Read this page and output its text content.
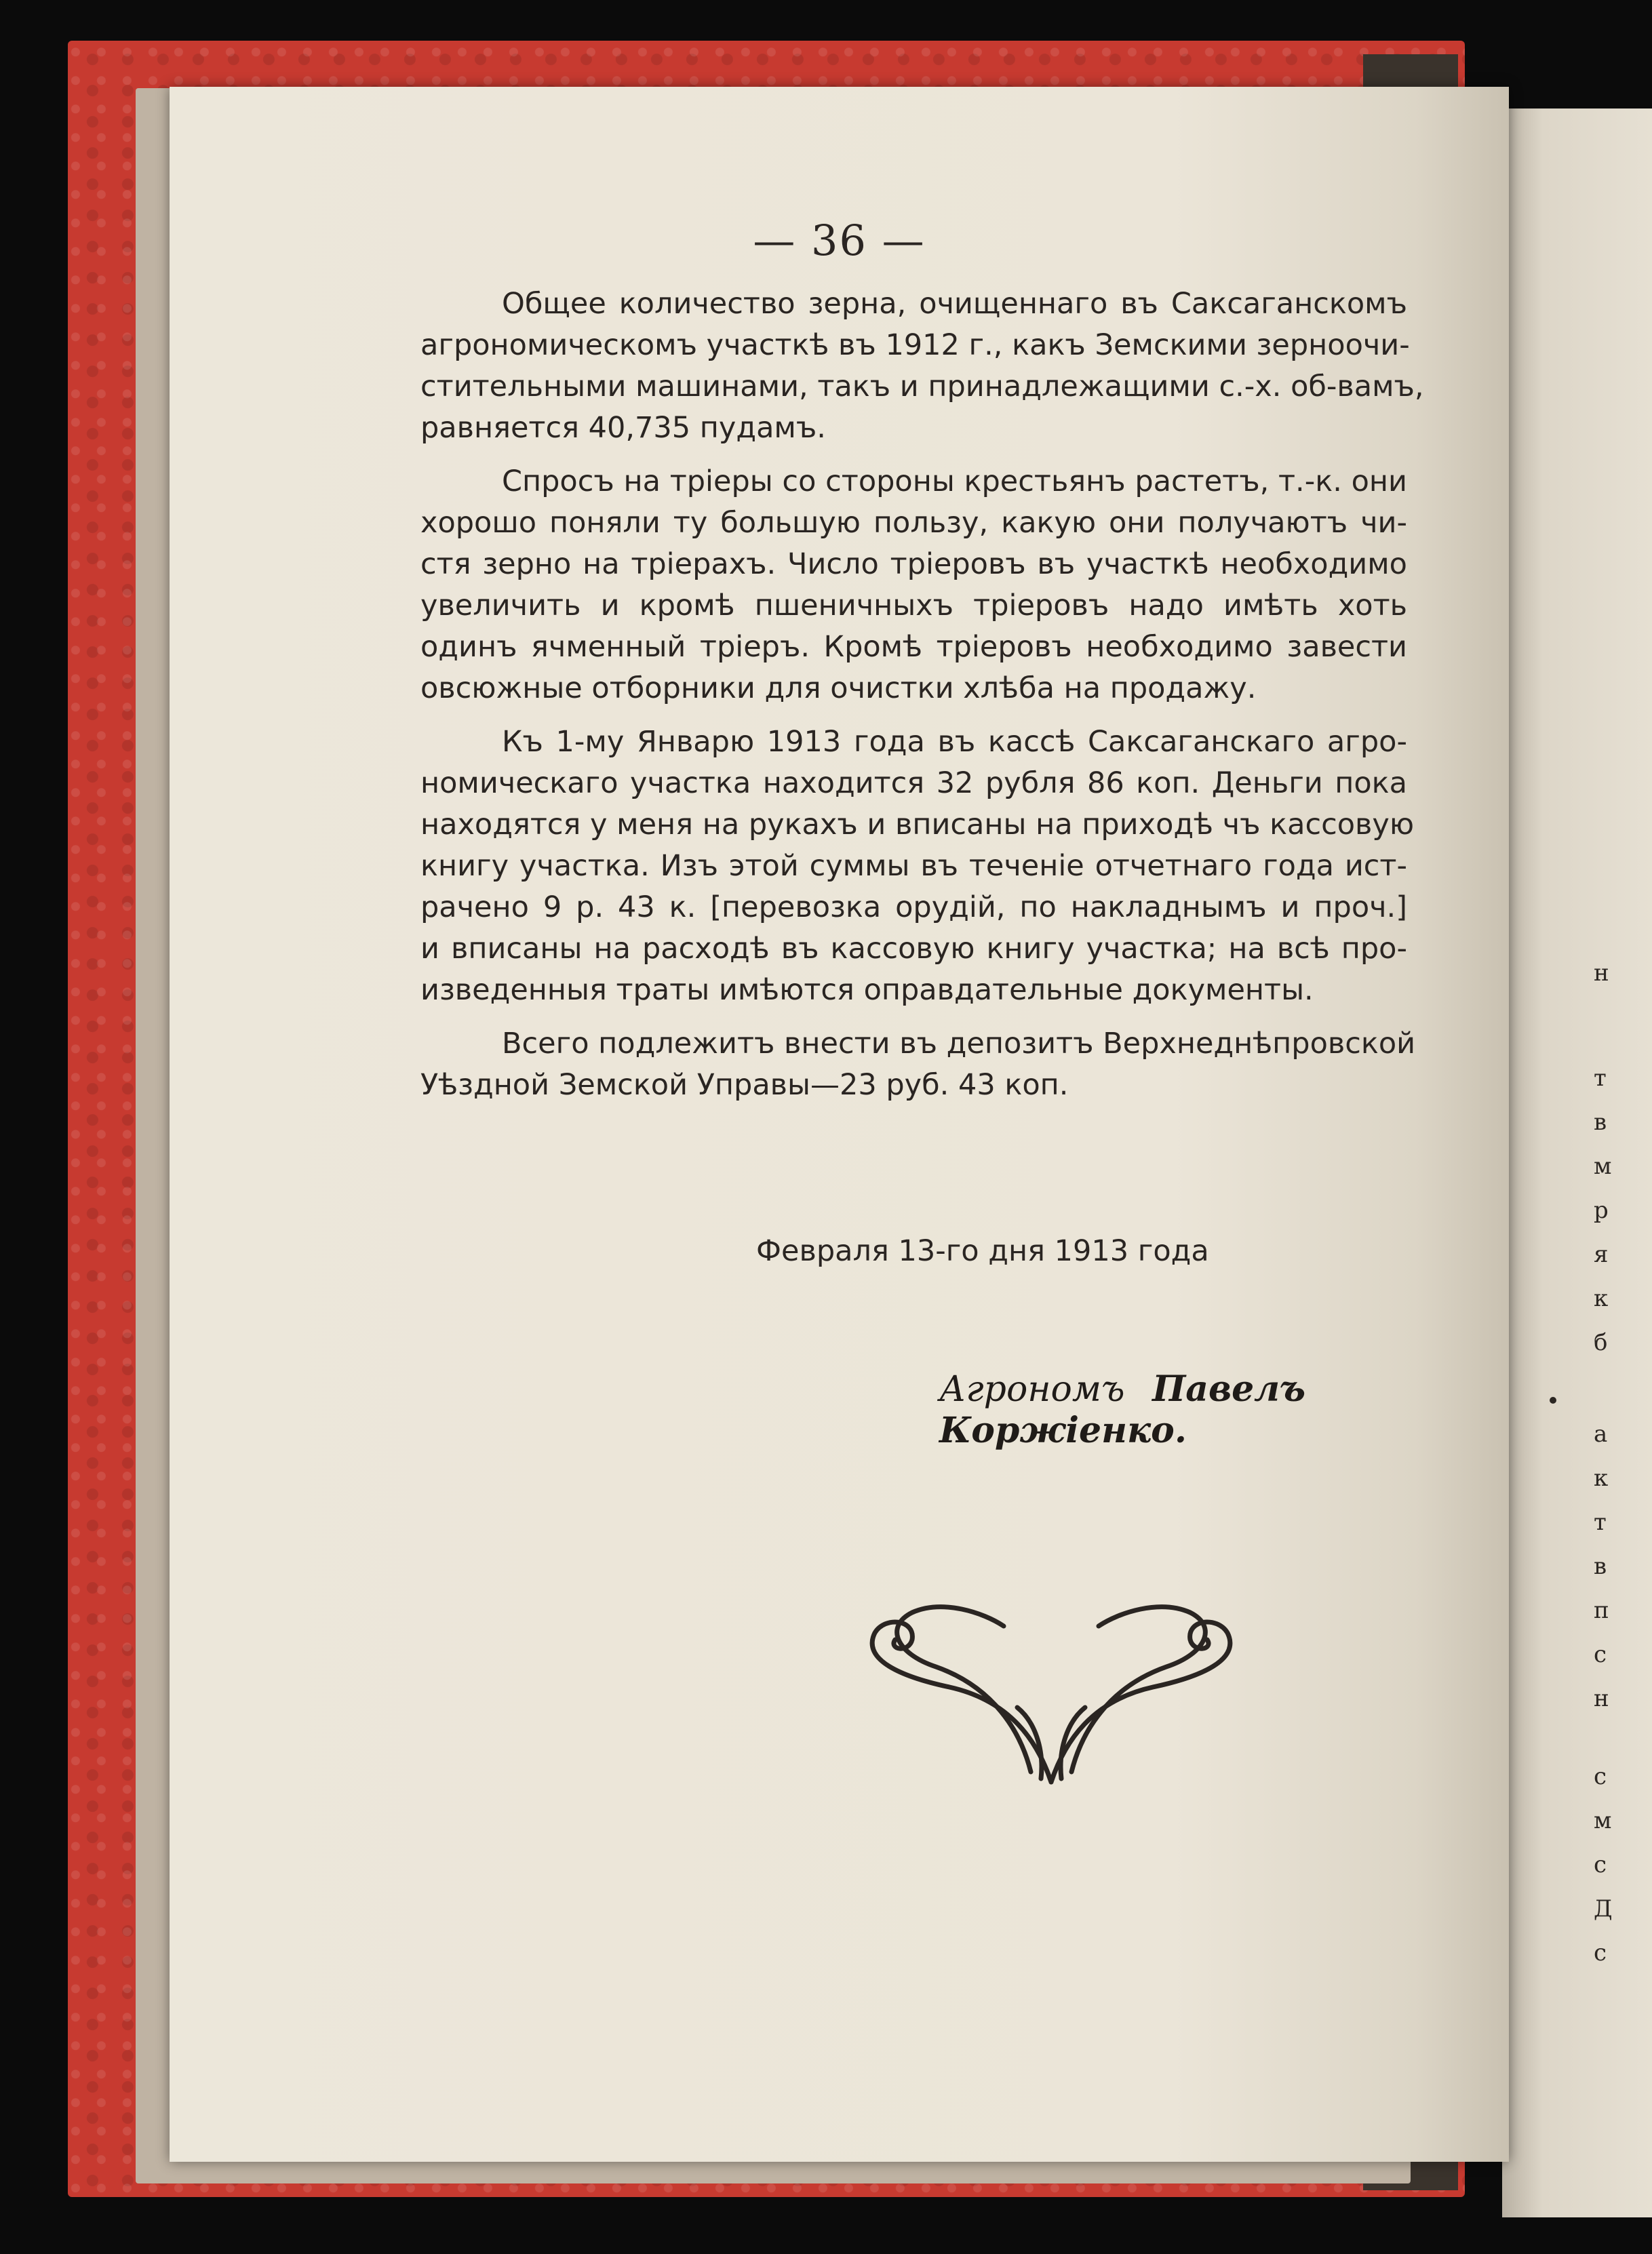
н
т
в
м
р
я
к
б
а
к
т
в
п
с
н
с
м
с
Д
с
— 36 —
Общее количество зерна, очищеннаго въ Саксаганскомъ
агрономическомъ участкѣ въ 1912 г., какъ Земскими зерноочи-
стительными машинами, такъ и принадлежащими с.-х. об-вамъ,
равняется 40,735 пудамъ.
Спросъ на тріеры со стороны крестьянъ растетъ, т.-к. они
хорошо поняли ту большую пользу, какую они получаютъ чи-
стя зерно на тріерахъ. Число тріеровъ въ участкѣ необходимо
увеличить и кромѣ пшеничныхъ тріеровъ надо имѣть хоть
одинъ ячменный тріеръ. Кромѣ тріеровъ необходимо завести
овсюжные отборники для очистки хлѣба на продажу.
Къ 1-му Январю 1913 года въ кассѣ Саксаганскаго агро-
номическаго участка находится 32 рубля 86 коп. Деньги пока
находятся у меня на рукахъ и вписаны на приходѣ чъ кассовую
книгу участка. Изъ этой суммы въ теченіе отчетнаго года ист-
рачено 9 р. 43 к. [перевозка орудій, по накладнымъ и проч.]
и вписаны на расходѣ въ кассовую книгу участка; на всѣ про-
изведенныя траты имѣются оправдательные документы.
Всего подлежитъ внести въ депозитъ Верхнеднѣпровской
Уѣздной Земской Управы—23 руб. 43 коп.
Февраля 13-го дня 1913 года
Агрономъ Павелъ Коржіенко.
